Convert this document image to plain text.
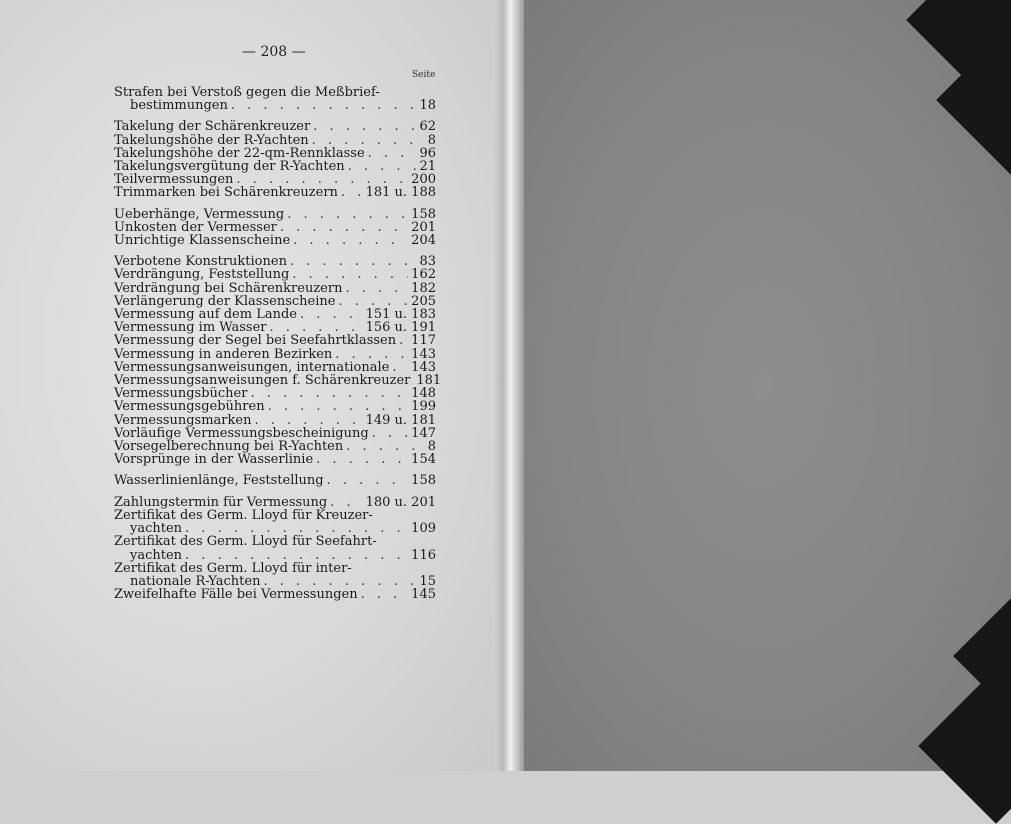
— 208 —
Seite
Strafen bei Verstoß gegen die Meßbrief-
bestimmungen . . .	18
Takelung der Schärenkreuzer . . .	62
Takelungshöhe der R-Yachten . . .	8
Takelungshöhe der 22-qm-Rennklasse . . .	96
Takelungsvergütung der R-Yachten . . .	21
Teilvermessungen . . .	200
Trimmarken bei Schärenkreuzern . . . 181 u. 188
Ueberhänge, Vermessung . . .	158
Unkosten der Vermesser . . .	201
Unrichtige Klassenscheine . . .	204
Verbotene Konstruktionen . . .	83
Verdrängung, Feststellung . . .	162
Verdrängung bei Schärenkreuzern . . .	182
Verlängerung der Klassenscheine . . .	205
Vermessung auf dem Lande . . .	151 u. 183
Vermessung im Wasser . . .	156 u. 191
Vermessung der Segel bei Seefahrtklassen . . . 117
Vermessung in anderen Bezirken . . .	143
Vermessungsanweisungen, internationale . . . 143
Vermessungsanweisungen f. Schärenkreuzer 181
Vermessungsbücher . . .	148
Vermessungsgebühren . . .	199
Vermessungsmarken . . .	149 u. 181
Vorläufige Vermessungsbescheinigung . . .	147
Vorsegelberechnung bei R-Yachten . . .	8
Vorsprünge in der Wasserlinie . . .	154
Wasserlinienlänge, Feststellung . . .	158
Zahlungstermin für Vermessung . . .	180 u. 201
Zertifikat des Germ. Lloyd für Kreuzer-
yachten . . .	109
Zertifikat des Germ. Lloyd für Seefahrt-
yachten . . .	116
Zertifikat des Germ. Lloyd für inter-
nationale R-Yachten . . .	15
Zweifelhafte Fälle bei Vermessungen . . .	145
